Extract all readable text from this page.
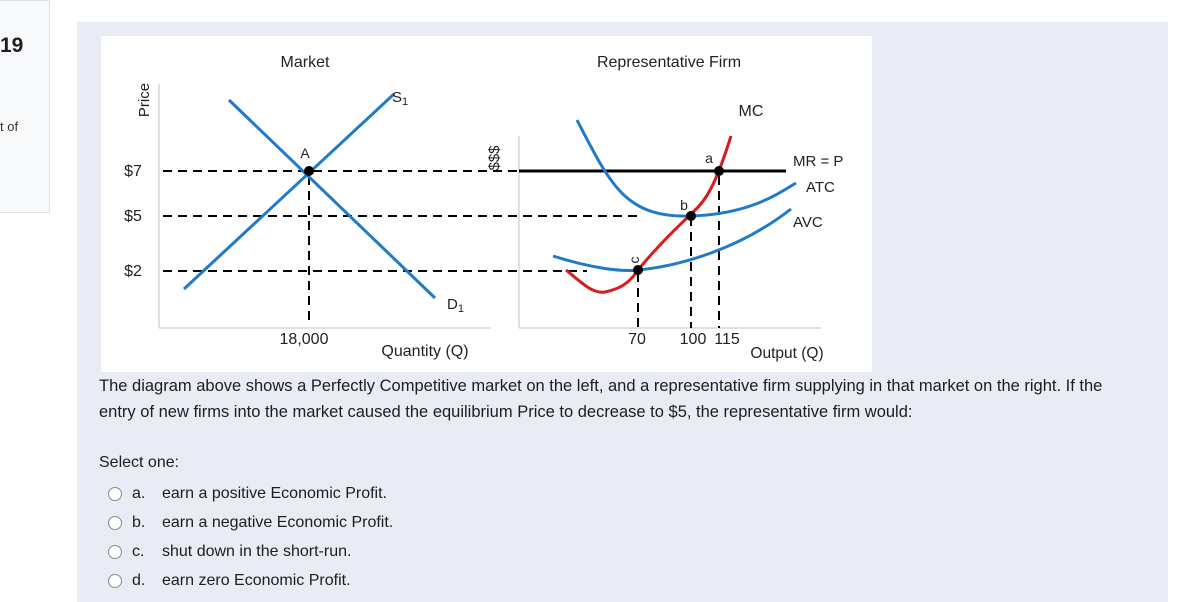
19
t of
Market
Price
$7
$5
$2
A
$S_1$
$D_1$
18,000
Quantity (Q)
Representative Firm
$$$	a
b
c
MC
MR = P
ATC
AVC
70 100 115
Output (Q)
The diagram above shows a Perfectly Competitive market on the left, and a representative firm supplying in that market on the right. If the entry of new firms into the market caused the equilibrium Price to decrease to $5, the representative firm would:
Select one:
a. earn a positive Economic Profit.
b. earn a negative Economic Profit.
c. shut down in the short-run.
d. earn zero Economic Profit.
